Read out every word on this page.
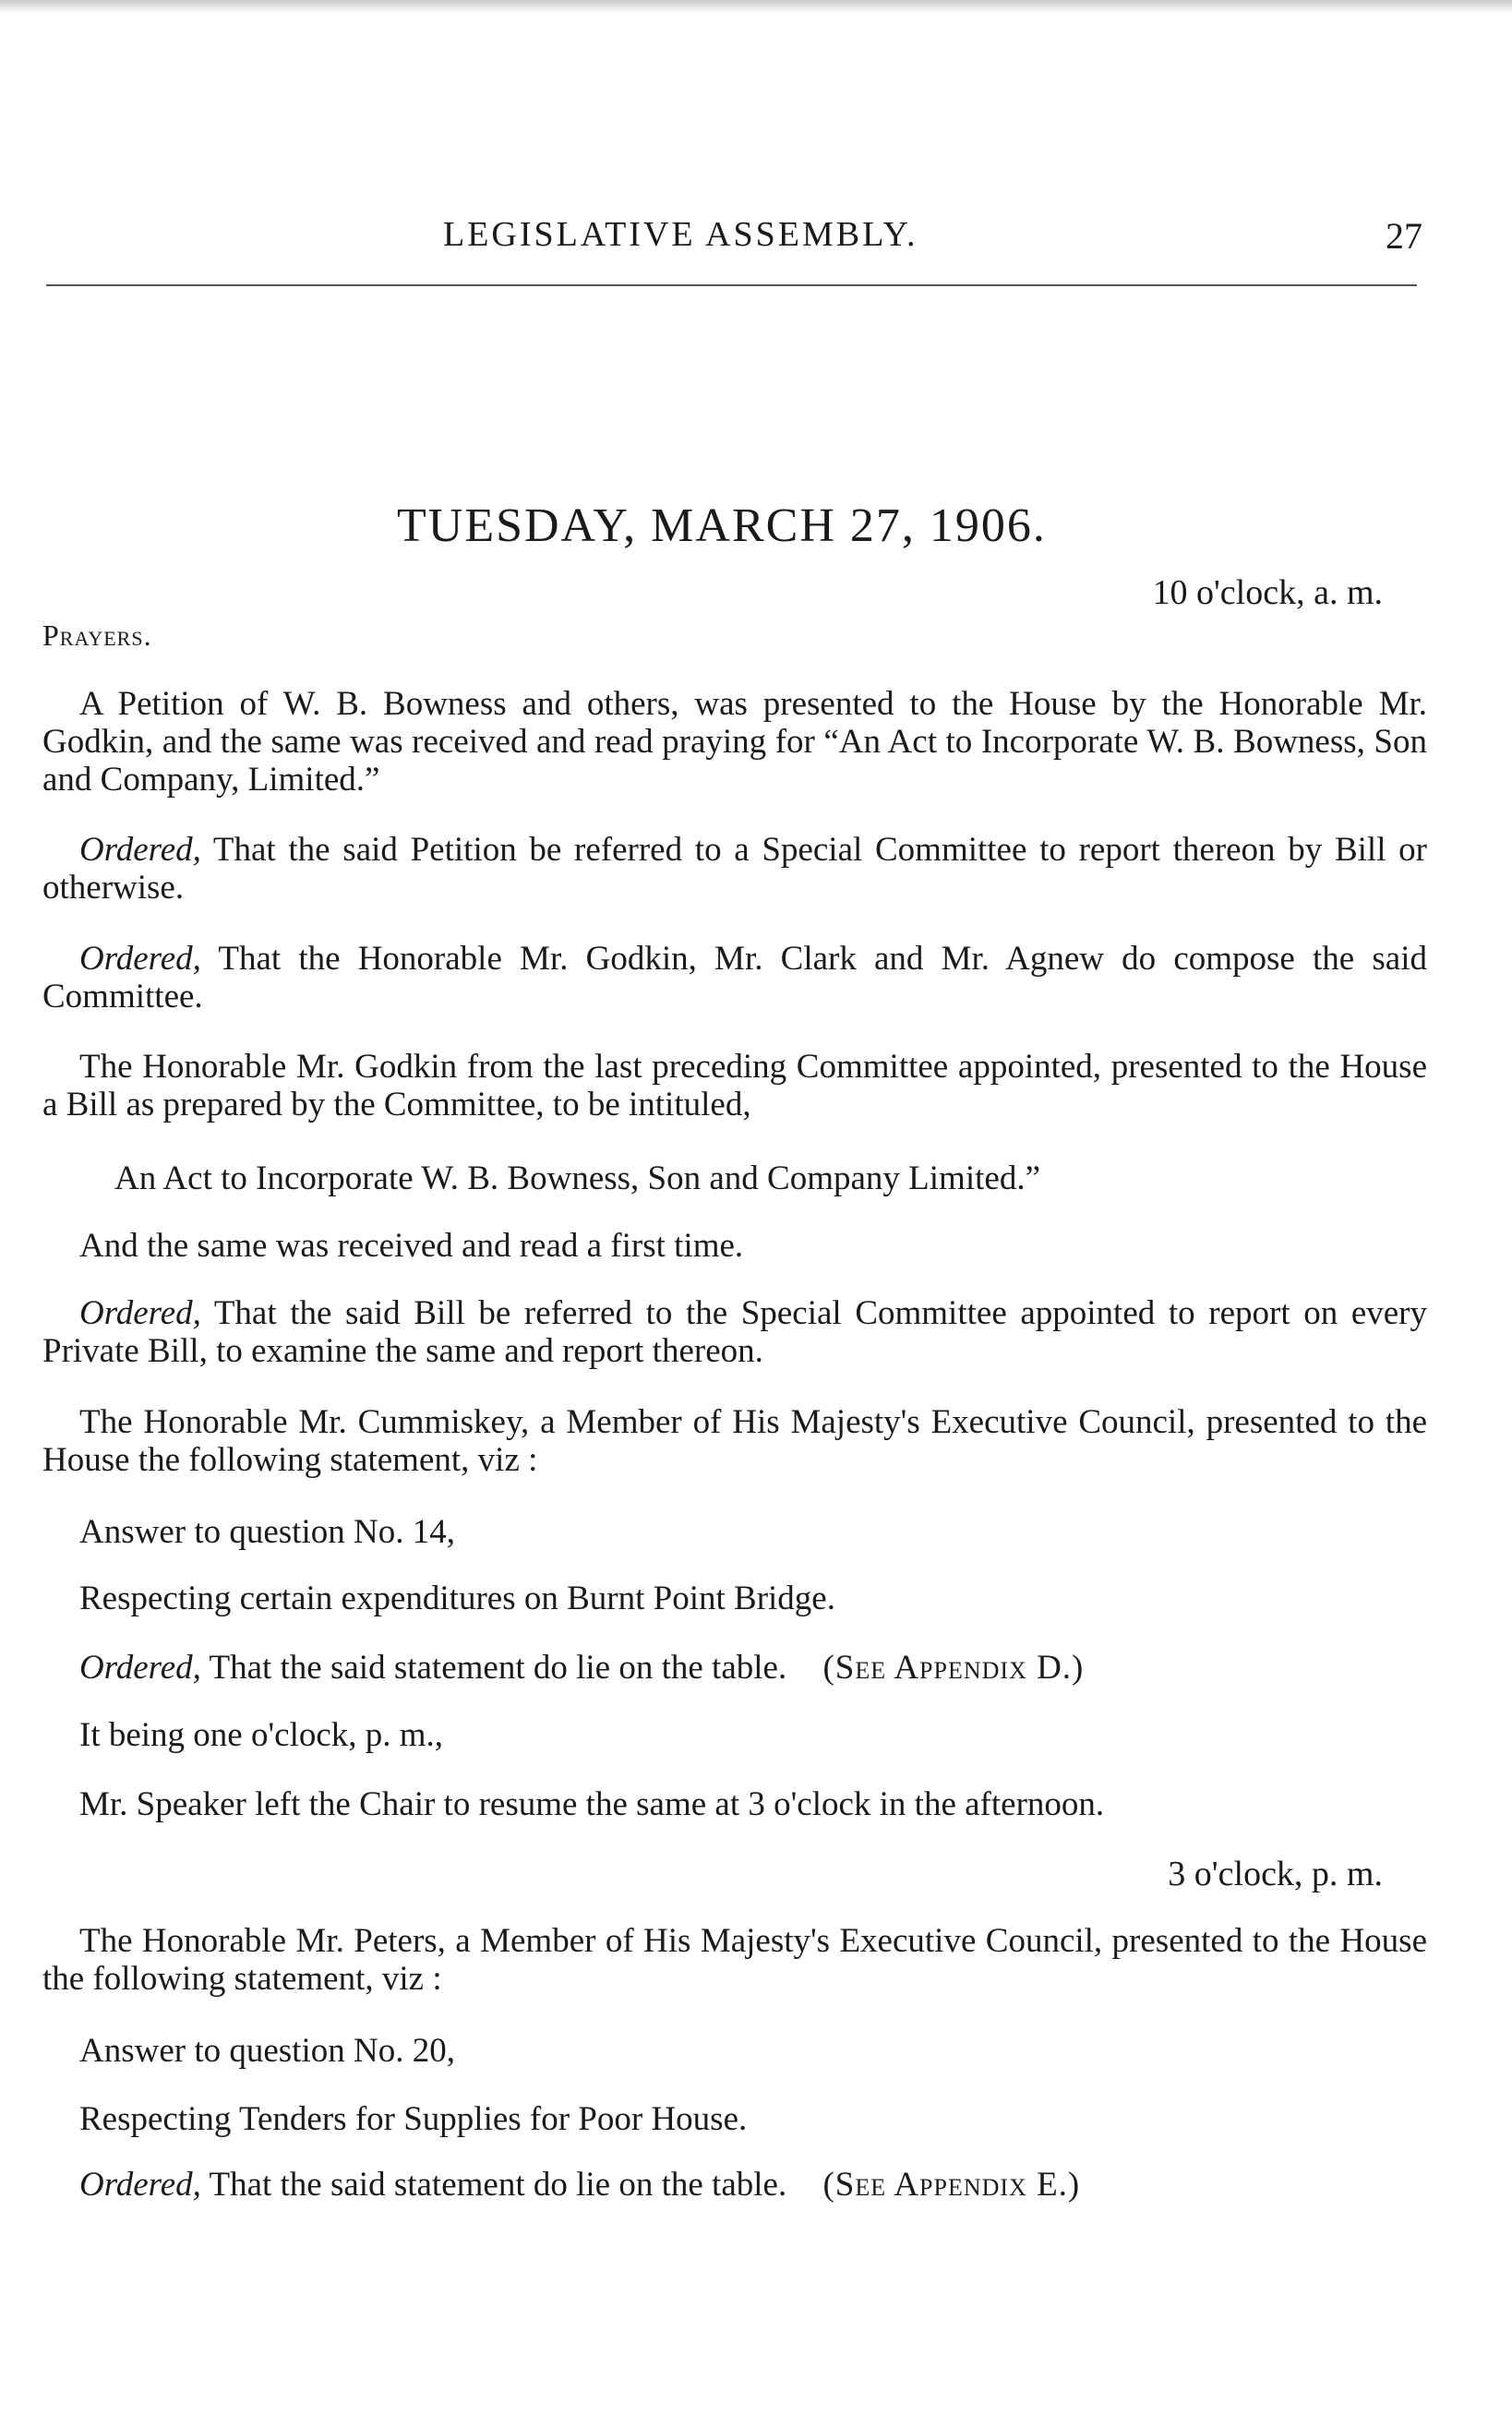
LEGISLATIVE ASSEMBLY.	27
TUESDAY, MARCH 27, 1906.
10 o'clock, a. m.
Prayers.
A Petition of W. B. Bowness and others, was presented to the House by the Honorable Mr. Godkin, and the same was received and read praying for “An Act to Incorporate W. B. Bowness, Son and Company, Limited.”
Ordered, That the said Petition be referred to a Special Committee to report thereon by Bill or otherwise.
Ordered, That the Honorable Mr. Godkin, Mr. Clark and Mr. Agnew do compose the said Committee.
The Honorable Mr. Godkin from the last preceding Committee appointed, presented to the House a Bill as prepared by the Committee, to be intituled,
An Act to Incorporate W. B. Bowness, Son and Company Limited.”
And the same was received and read a first time.
Ordered, That the said Bill be referred to the Special Committee appointed to report on every Private Bill, to examine the same and report thereon.
The Honorable Mr. Cummiskey, a Member of His Majesty's Executive Council, presented to the House the following statement, viz :
Answer to question No. 14,
Respecting certain expenditures on Burnt Point Bridge.
Ordered, That the said statement do lie on the table. (See Appendix D.)
It being one o'clock, p. m.,
Mr. Speaker left the Chair to resume the same at 3 o'clock in the afternoon.
3 o'clock, p. m.
The Honorable Mr. Peters, a Member of His Majesty's Executive Council, presented to the House the following statement, viz :
Answer to question No. 20,
Respecting Tenders for Supplies for Poor House.
Ordered, That the said statement do lie on the table. (See Appendix E.)
